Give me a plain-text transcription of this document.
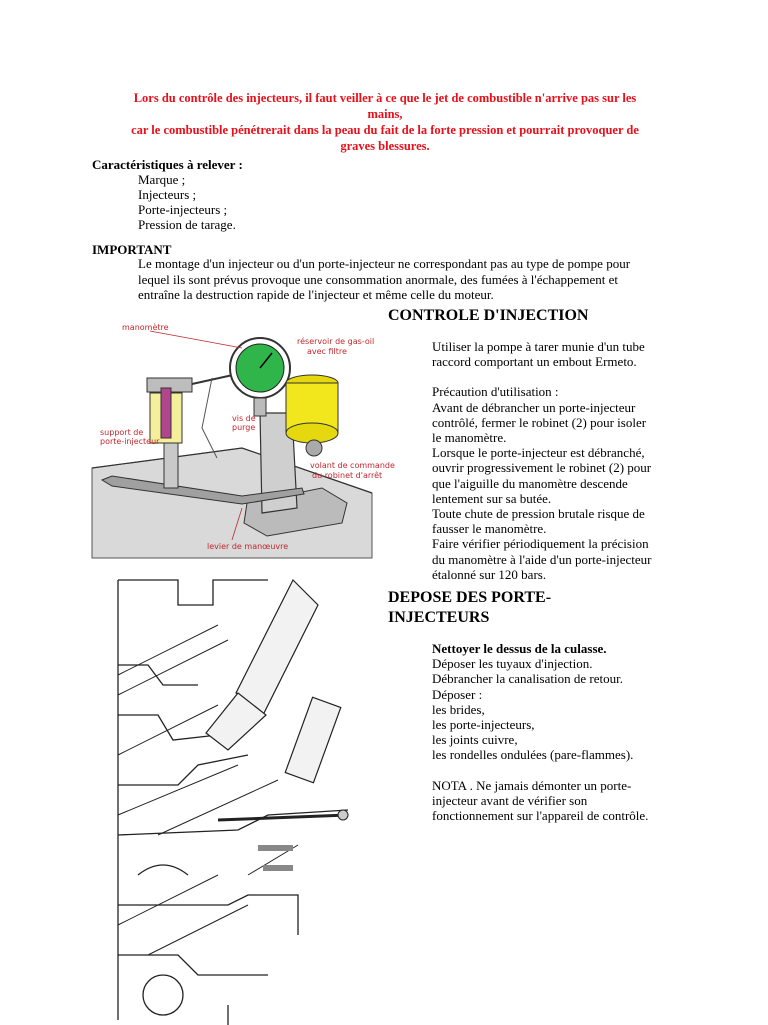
Lors du contrôle des injecteurs, il faut veiller à ce que le jet de combustible n'arrive pas sur les
mains,
car le combustible pénétrerait dans la peau du fait de la forte pression et pourrait provoquer de
graves blessures.
Caractéristiques à relever :
Marque ;
Injecteurs ;
Porte-injecteurs ;
Pression de tarage.
IMPORTANT
Le montage d'un injecteur ou d'un porte-injecteur ne correspondant pas au type de pompe pour lequel ils sont prévus provoque une consommation anormale, des fumées à l'échappement et entraîne la destruction rapide de l'injecteur et même celle du moteur.
manomètre
réservoir de gas-oil
avec filtre
vis de
purge
support de
porte-injecteur
volant de commande
du robinet d'arrêt
levier de manœuvre
CONTROLE D'INJECTION

Utiliser la pompe à tarer munie d'un tube raccord comportant un embout Ermeto.

Précaution d'utilisation :

Avant de débrancher un porte-injecteur contrôlé, fermer le robinet (2) pour isoler le manomètre.

Lorsque le porte-injecteur est débranché, ouvrir progressivement le robinet (2) pour que l'aiguille du manomètre descende lentement sur sa butée.

Toute chute de pression brutale risque de fausser le manomètre.

Faire vérifier périodiquement la précision du manomètre à l'aide d'un porte-injecteur étalonné sur 120 bars.

DEPOSE DES PORTE-
INJECTEURS

Nettoyer le dessus de la culasse.

Déposer les tuyaux d'injection.

Débrancher la canalisation de retour.

Déposer :

les brides,

les porte-injecteurs,

les joints cuivre,

les rondelles ondulées (pare-flammes).

NOTA . Ne jamais démonter un porte-injecteur avant de vérifier son fonctionnement sur l'appareil de contrôle.
